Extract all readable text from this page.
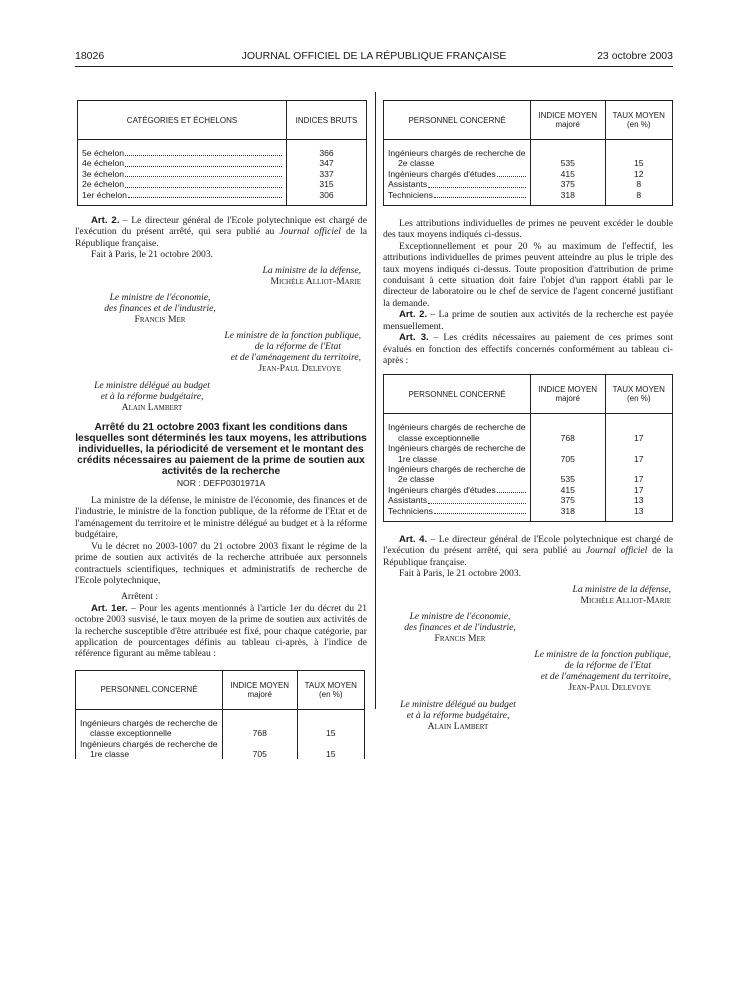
18026	JOURNAL OFFICIEL DE LA RÉPUBLIQUE FRANÇAISE	23 octobre 2003
CATÉGORIES ET ÉCHELONS	INDICES BRUTS

5e échelon	366

4e échelon	347

3e échelon	337

2e échelon	315

1er échelon	306

Art. 2. – Le directeur général de l'Ecole polytechnique est chargé de l'exécution du présent arrêté, qui sera publié au Journal officiel de la République française.

Fait à Paris, le 21 octobre 2003.

La ministre de la défense,
Michèle Alliot-Marie
Le ministre de l'économie,
des finances et de l'industrie,
Francis Mer
Le ministre de la fonction publique,
de la réforme de l'Etat
et de l'aménagement du territoire,
Jean-Paul Delevoye
Le ministre délégué au budget
et à la réforme budgétaire,
Alain Lambert

Arrêté du 21 octobre 2003 fixant les conditions dans lesquelles sont déterminés les taux moyens, les attributions individuelles, la périodicité de versement et le montant des crédits nécessaires au paiement de la prime de soutien aux activités de la recherche

NOR : DEFP0301971A

La ministre de la défense, le ministre de l'économie, des finances et de l'industrie, le ministre de la fonction publique, de la réforme de l'Etat et de l'aménagement du territoire et le ministre délégué au budget et à la réforme budgétaire,

Vu le décret no 2003-1007 du 21 octobre 2003 fixant le régime de la prime de soutien aux activités de la recherche attribuée aux personnels contractuels scientifiques, techniques et administratifs de recherche de l'Ecole polytechnique,

Arrêtent :

Art. 1er. – Pour les agents mentionnés à l'article 1er du décret du 21 octobre 2003 susvisé, le taux moyen de la prime de soutien aux activités de la recherche susceptible d'être attribuée est fixé, pour chaque catégorie, par application de pourcentages définis au tableau ci-après, à l'indice de référence figurant au même tableau :

PERSONNEL CONCERNÉ	INDICE MOYEN
majoré	TAUX MOYEN
(en %)

Ingénieurs chargés de recherche de
classe exceptionnelle	768	15
Ingénieurs chargés de recherche de
1re classe	705	15
PERSONNEL CONCERNÉ	INDICE MOYEN
majoré	TAUX MOYEN
(en %)

Ingénieurs chargés de recherche de
2e classe	535	15

Ingénieurs chargés d'études	415	12

Assistants	375	8

Techniciens	318	8

Les attributions individuelles de primes ne peuvent excéder le double des taux moyens indiqués ci-dessus.

Exceptionnellement et pour 20 % au maximum de l'effectif, les attributions individuelles de primes peuvent atteindre au plus le triple des taux moyens indiqués ci-dessus. Toute proposition d'attribution de prime conduisant à cette situation doit faire l'objet d'un rapport établi par le directeur de laboratoire ou le chef de service de l'agent concerné justifiant la demande.

Art. 2. – La prime de soutien aux activités de la recherche est payée mensuellement.

Art. 3. – Les crédits nécessaires au paiement de ces primes sont évalués en fonction des effectifs concernés conformément au tableau ci-après :

PERSONNEL CONCERNÉ	INDICE MOYEN
majoré	TAUX MOYEN
(en %)

Ingénieurs chargés de recherche de
classe exceptionnelle	768	17
Ingénieurs chargés de recherche de
1re classe	705	17
Ingénieurs chargés de recherche de
2e classe	535	17

Ingénieurs chargés d'études	415	17

Assistants	375	13

Techniciens	318	13

Art. 4. – Le directeur général de l'Ecole polytechnique est chargé de l'exécution du présent arrêté, qui sera publié au Journal officiel de la République française.

Fait à Paris, le 21 octobre 2003.

La ministre de la défense,
Michèle Alliot-Marie
Le ministre de l'économie,
des finances et de l'industrie,
Francis Mer
Le ministre de la fonction publique,
de la réforme de l'Etat
et de l'aménagement du territoire,
Jean-Paul Delevoye
Le ministre délégué au budget
et à la réforme budgétaire,
Alain Lambert
